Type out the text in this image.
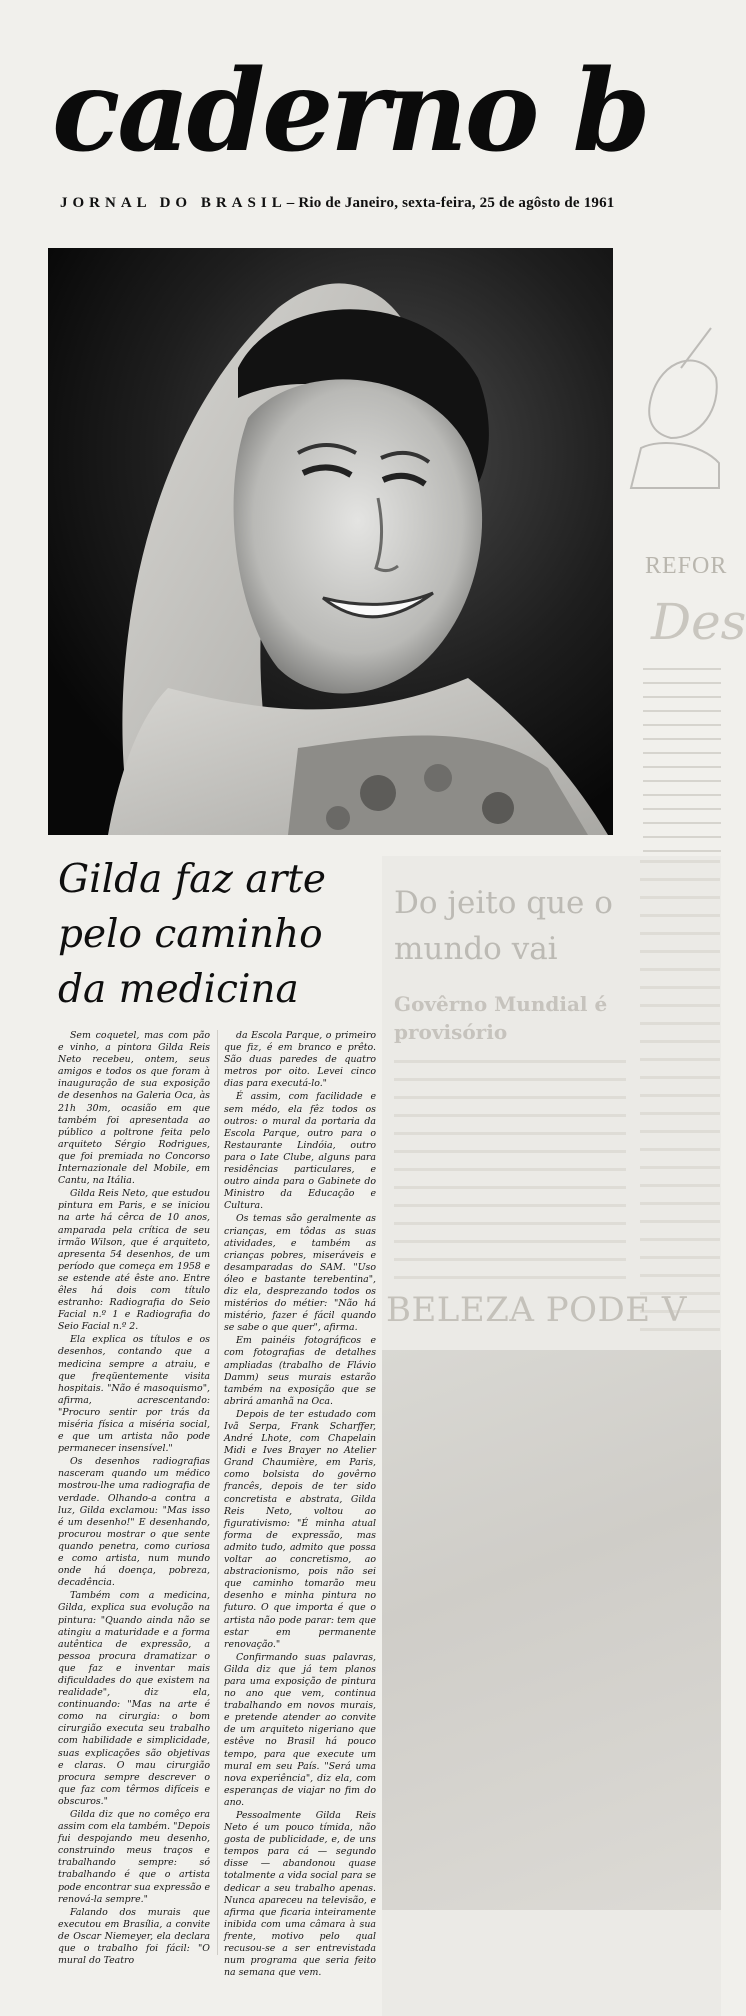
caderno b
JORNAL DO BRASIL– Rio de Janeiro, sexta-feira, 25 de agôsto de 1961
REFOR
Des
Do jeito que o mundo vai
Govêrno Mundial é provisório
BELEZA PODE V
Gilda faz arte pelo caminho da medicina

Sem coquetel, mas com pão e vinho, a pintora Gilda Reis Neto recebeu, ontem, seus amigos e todos os que foram à inauguração de sua exposição de desenhos na Galeria Oca, às 21h 30m, ocasião em que também foi apresentada ao público a poltrone feita pelo arquiteto Sérgio Rodrigues, que foi premiada no Concorso Internazionale del Mobile, em Cantu, na Itália.

Gilda Reis Neto, que estudou pintura em Paris, e se iniciou na arte há cêrca de 10 anos, amparada pela crítica de seu irmão Wilson, que é arquiteto, apresenta 54 desenhos, de um período que começa em 1958 e se estende até êste ano. Entre êles há dois com título estranho: Radiografia do Seio Facial n.º 1 e Radiografia do Seio Facial n.º 2.

Ela explica os títulos e os desenhos, contando que a medicina sempre a atraiu, e que freqüentemente visita hospitais. "Não é masoquismo", afirma, acrescentando: "Procuro sentir por trás da miséria física a miséria social, e que um artista não pode permanecer insensível."

Os desenhos radiografias nasceram quando um médico mostrou-lhe uma radiografia de verdade. Olhando-a contra a luz, Gilda exclamou: "Mas isso é um desenho!" E desenhando, procurou mostrar o que sente quando penetra, como curiosa e como artista, num mundo onde há doença, pobreza, decadência.

Também com a medicina, Gilda, explica sua evolução na pintura: "Quando ainda não se atingiu a maturidade e a forma autêntica de expressão, a pessoa procura dramatizar o que faz e inventar mais dificuldades do que existem na realidade", diz ela, continuando: "Mas na arte é como na cirurgia: o bom cirurgião executa seu trabalho com habilidade e simplicidade, suas explicações são objetivas e claras. O mau cirurgião procura sempre descrever o que faz com têrmos difíceis e obscuros."

Gilda diz que no comêço era assim com ela também. "Depois fui despojando meu desenho, construindo meus traços e trabalhando sempre: só trabalhando é que o artista pode encontrar sua expressão e renová-la sempre."

Falando dos murais que executou em Brasília, a convite de Oscar Niemeyer, ela declara que o trabalho foi fácil: "O mural do Teatro

da Escola Parque, o primeiro que fiz, é em branco e prêto. São duas paredes de quatro metros por oito. Levei cinco dias para executá-lo."

É assim, com facilidade e sem médo, ela fêz todos os outros: o mural da portaria da Escola Parque, outro para o Restaurante Lindóia, outro para o Iate Clube, alguns para residências particulares, e outro ainda para o Gabinete do Ministro da Educação e Cultura.

Os temas são geralmente as crianças, em tôdas as suas atividades, e também as crianças pobres, miseráveis e desamparadas do SAM. "Uso óleo e bastante terebentina", diz ela, desprezando todos os mistérios do métier: "Não há mistério, fazer é fácil quando se sabe o que quer", afirma.

Em painéis fotográficos e com fotografias de detalhes ampliadas (trabalho de Flávio Damm) seus murais estarão também na exposição que se abrirá amanhã na Oca.

Depois de ter estudado com Ivã Serpa, Frank Scharffer, André Lhote, com Chapelain Midi e Ives Brayer no Atelier Grand Chaumière, em Paris, como bolsista do govêrno francês, depois de ter sido concretista e abstrata, Gilda Reis Neto, voltou ao figurativismo: "É minha atual forma de expressão, mas admito tudo, admito que possa voltar ao concretismo, ao abstracionismo, pois não sei que caminho tomarão meu desenho e minha pintura no futuro. O que importa é que o artista não pode parar: tem que estar em permanente renovação."

Confirmando suas palavras, Gilda diz que já tem planos para uma exposição de pintura no ano que vem, continua trabalhando em novos murais, e pretende atender ao convite de um arquiteto nigeriano que estêve no Brasil há pouco tempo, para que execute um mural em seu País. "Será uma nova experiência", diz ela, com esperanças de viajar no fim do ano.

Pessoalmente Gilda Reis Neto é um pouco tímida, não gosta de publicidade, e, de uns tempos para cá — segundo disse — abandonou quase totalmente a vida social para se dedicar a seu trabalho apenas. Nunca apareceu na televisão, e afirma que ficaria inteiramente inibida com uma câmara à sua frente, motivo pelo qual recusou-se a ser entrevistada num programa que seria feito na semana que vem.
